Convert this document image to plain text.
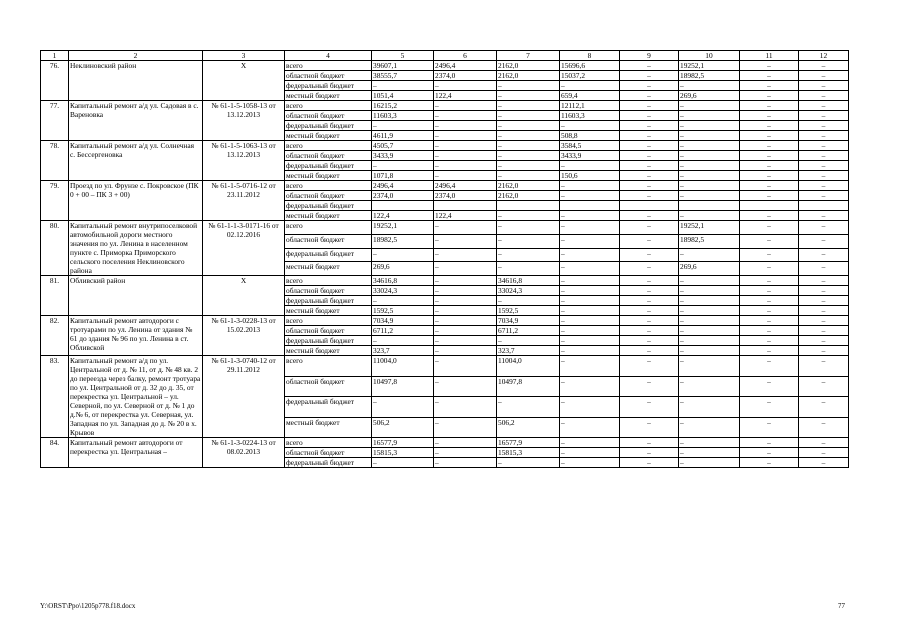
1	2	3	4	5	6	7	8	9	10	11	12
76.	Неклиновский район	Х	всего	39607,1	2496,4	2162,0	15696,6	–	19252,1	–	–
			областной бюджет	38555,7	2374,0	2162,0	15037,2	–	18982,5	–	–
			федеральный бюджет	–	–	–	–	–	–	–	–
			местный бюджет	1051,4	122,4	–	659,4	–	269,6	–	–
77.	Капитальный ремонт а/д ул. Садовая в с. Вареновка	№ 61-1-5-1058-13 от 13.12.2013	всего	16215,2	–	–	12112,1	–	–	–	–
			областной бюджет	11603,3	–	–	11603,3	–	–	–	–
			федеральный бюджет	–	–	–	–	–	–	–	–
			местный бюджет	4611,9	–	–	508,8	–	–	–	–
78.	Капитальный ремонт а/д ул. Солнечная с. Бессергеновка	№ 61-1-5-1063-13 от 13.12.2013	всего	4505,7	–	–	3584,5	–	–	–	–
			областной бюджет	3433,9	–	–	3433,9	–	–	–	–
			федеральный бюджет	–	–	–	–	–	–	–	–
			местный бюджет	1071,8	–	–	150,6	–	–	–	–
79.	Проезд по ул. Фрунзе с. Покровское (ПК 0 + 00 – ПК 3 + 00)	№ 61-1-5-0716-12 от 23.11.2012	всего	2496,4	2496,4	2162,0	–	–	–	–	–
			областной бюджет	2374,0	2374,0	2162,0	–	–	–	–	–
			федеральный бюджет								
			местный бюджет	122,4	122,4	–	–	–	–	–	–
80.	Капитальный ремонт внутрипоселковой автомобильной дороги местного значения по ул. Ленина в населенном пункте с. Приморка Приморского сельского поселения Неклиновского района	№ 61-1-1-3-0171-16 от 02.12.2016	всего	19252,1	–	–	–	–	19252,1	–	–
			областной бюджет	18982,5	–	–	–	–	18982,5	–	–
			федеральный бюджет	–	–	–	–	–	–	–	–
			местный бюджет	269,6	–	–	–	–	269,6	–	–
81.	Обливский район	Х	всего	34616,8	–	34616,8	–	–	–	–	–
			областной бюджет	33024,3	–	33024,3	–	–	–	–	–
			федеральный бюджет	–	–	–	–	–	–	–	–
			местный бюджет	1592,5	–	1592,5	–	–	–	–	–
82.	Капитальный ремонт автодороги с тротуарами по ул. Ленина от здания № 61 до здания № 96 по ул. Ленина в ст. Обливской	№ 61-1-3-0228-13 от 15.02.2013	всего	7034,9	–	7034,9	–	–	–	–	–
			областной бюджет	6711,2	–	6711,2	–	–	–	–	–
			федеральный бюджет	–	–	–	–	–	–	–	–
			местный бюджет	323,7	–	323,7	–	–	–	–	–
83.	Капитальный ремонт а/д по ул. Центральной от д. № 11, от д. № 48 кв. 2 до переезда через балку, ремонт тротуара по ул. Центральной от д. 32 до д. 35, от перекрестка ул. Центральной – ул. Северной, по ул. Северной от д. № 1 до д.№ 6, от перекрестка ул. Северная, ул. Западная по ул. Западная до д. № 20 в х. Крывов	№ 61-1-3-0740-12 от 29.11.2012	всего	11004,0	–	11004,0	–	–	–	–	–
			областной бюджет	10497,8	–	10497,8	–	–	–	–	–
			федеральный бюджет	–	–	–	–	–	–	–	–
			местный бюджет	506,2	–	506,2	–	–	–	–	–
84.	Капитальный ремонт автодороги от перекрестка ул. Центральная –	№ 61-1-3-0224-13 от 08.02.2013	всего	16577,9	–	16577,9	–	–	–	–	–
			областной бюджет	15815,3	–	15815,3	–	–	–	–	–
			федеральный бюджет	–	–	–	–	–	–	–	–
Y:\ORST\Ppo\1205p778.f18.docx	77
